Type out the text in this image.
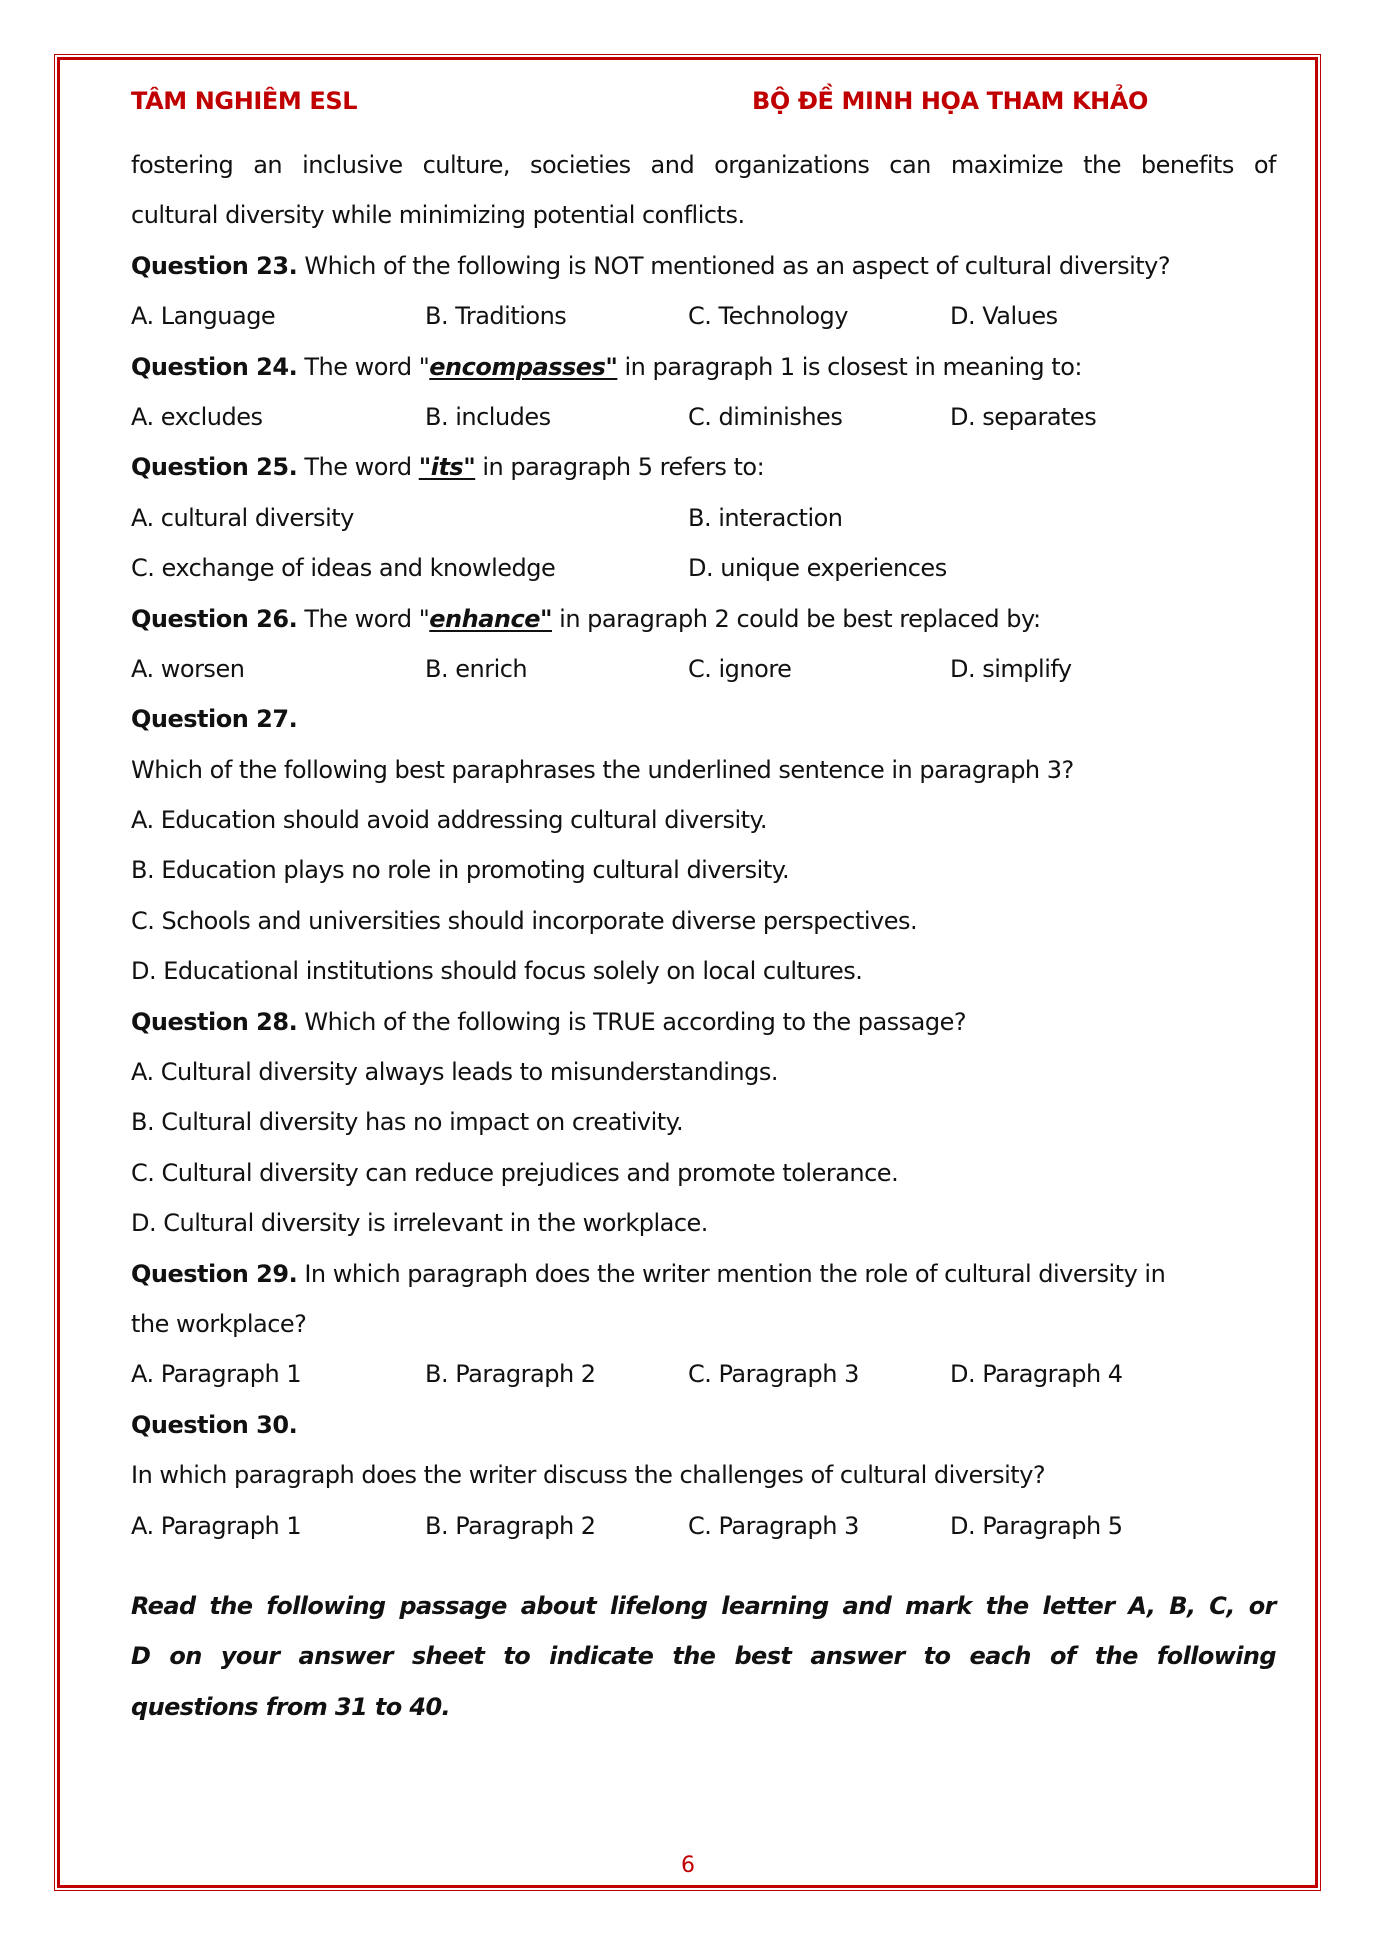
TÂM NGHIÊM ESL	BỘ ĐỀ MINH HỌA THAM KHẢO
fostering an inclusive culture, societies and organizations can maximize the benefits of
cultural diversity while minimizing potential conflicts.
Question 23. Which of the following is NOT mentioned as an aspect of cultural diversity?
A. Language	B. Traditions	C. Technology	D. Values
Question 24. The word "encompasses" in paragraph 1 is closest in meaning to:
A. excludes	B. includes	C. diminishes	D. separates
Question 25. The word "its" in paragraph 5 refers to:
A. cultural diversity	B. interaction
C. exchange of ideas and knowledge	D. unique experiences
Question 26. The word "enhance" in paragraph 2 could be best replaced by:
A. worsen	B. enrich	C. ignore	D. simplify
Question 27.
Which of the following best paraphrases the underlined sentence in paragraph 3?
A. Education should avoid addressing cultural diversity.
B. Education plays no role in promoting cultural diversity.
C. Schools and universities should incorporate diverse perspectives.
D. Educational institutions should focus solely on local cultures.
Question 28. Which of the following is TRUE according to the passage?
A. Cultural diversity always leads to misunderstandings.
B. Cultural diversity has no impact on creativity.
C. Cultural diversity can reduce prejudices and promote tolerance.
D. Cultural diversity is irrelevant in the workplace.
Question 29. In which paragraph does the writer mention the role of cultural diversity in
the workplace?
A. Paragraph 1	B. Paragraph 2	C. Paragraph 3	D. Paragraph 4
Question 30.
In which paragraph does the writer discuss the challenges of cultural diversity?
A. Paragraph 1	B. Paragraph 2	C. Paragraph 3	D. Paragraph 5
Read the following passage about lifelong learning and mark the letter A, B, C, or
D on your answer sheet to indicate the best answer to each of the following
questions from 31 to 40.
6
